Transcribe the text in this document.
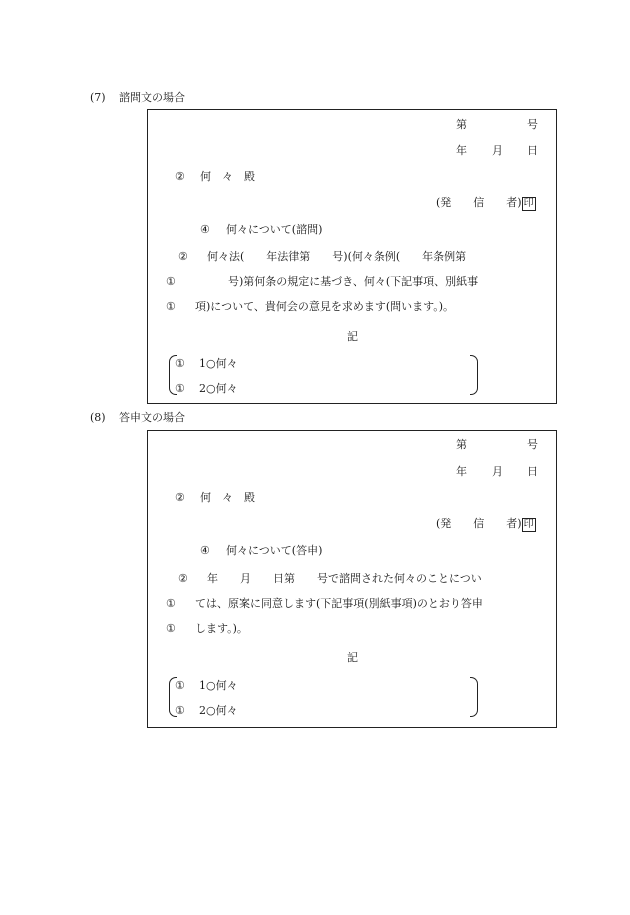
(7) 諮問文の場合
第	号
年 月 日
② 何　々　殿
(発　　信　　者) 印
④ 何々について(諮問)
② 何々法(　　年法律第　　号)(何々条例(　　年条例第
① 　　　号)第何条の規定に基づき、何々(下記事項、別紙事
① 項)について、貴何会の意見を求めます(問います。)。
記
① 1○何々
① 2○何々
(8) 答申文の場合
第	号
年 月 日
② 何　々　殿
(発　　信　　者) 印
④ 何々について(答申)
② 年　　月　　日第　　号で諮問された何々のことについ
① ては、原案に同意します(下記事項(別紙事項)のとおり答申
① します。)。
記
① 1○何々
① 2○何々
